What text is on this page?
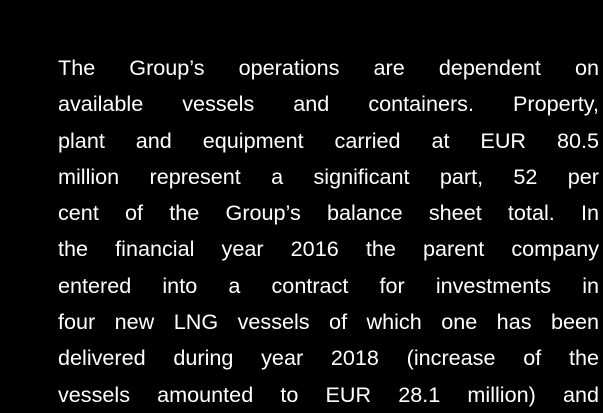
The Group’s operations are dependent on
available vessels and containers. Property,
plant and equipment carried at EUR 80.5
million represent a significant part, 52 per
cent of the Group’s balance sheet total. In
the financial year 2016 the parent company
entered into a contract for investments in
four new LNG vessels of which one has been
delivered during year 2018 (increase of the
vessels amounted to EUR 28.1 million) and
